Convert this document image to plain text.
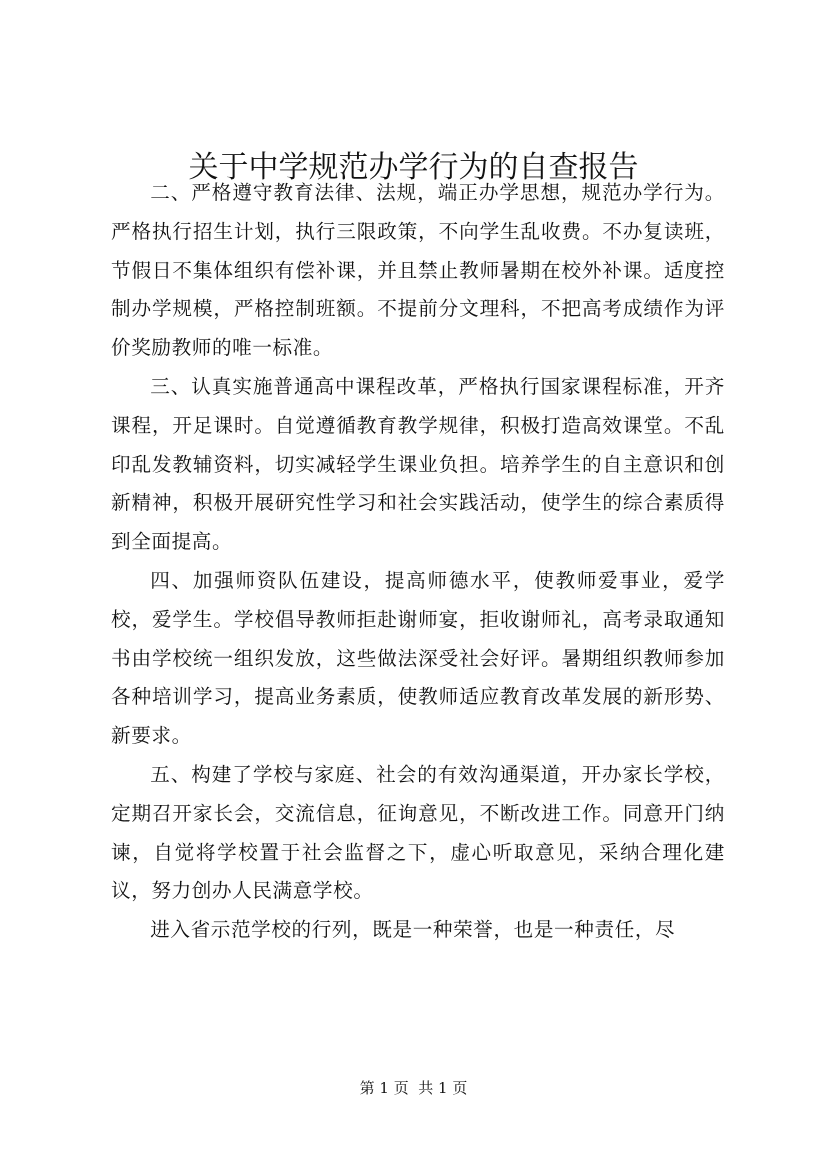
关于中学规范办学行为的自查报告

二、严格遵守教育法律、法规，端正办学思想，规范办学行为。严格执行招生计划，执行三限政策，不向学生乱收费。不办复读班，节假日不集体组织有偿补课，并且禁止教师暑期在校外补课。适度控制办学规模，严格控制班额。不提前分文理科，不把高考成绩作为评价奖励教师的唯一标准。

三、认真实施普通高中课程改革，严格执行国家课程标准，开齐课程，开足课时。自觉遵循教育教学规律，积极打造高效课堂。不乱印乱发教辅资料，切实减轻学生课业负担。培养学生的自主意识和创新精神，积极开展研究性学习和社会实践活动，使学生的综合素质得到全面提高。

四、加强师资队伍建设，提高师德水平，使教师爱事业，爱学校，爱学生。学校倡导教师拒赴谢师宴，拒收谢师礼，高考录取通知书由学校统一组织发放，这些做法深受社会好评。暑期组织教师参加各种培训学习，提高业务素质，使教师适应教育改革发展的新形势、新要求。

五、构建了学校与家庭、社会的有效沟通渠道，开办家长学校，定期召开家长会，交流信息，征询意见，不断改进工作。同意开门纳谏，自觉将学校置于社会监督之下，虚心听取意见，采纳合理化建议，努力创办人民满意学校。

进入省示范学校的行列，既是一种荣誉，也是一种责任，尽

第 1 页  共 1 页
